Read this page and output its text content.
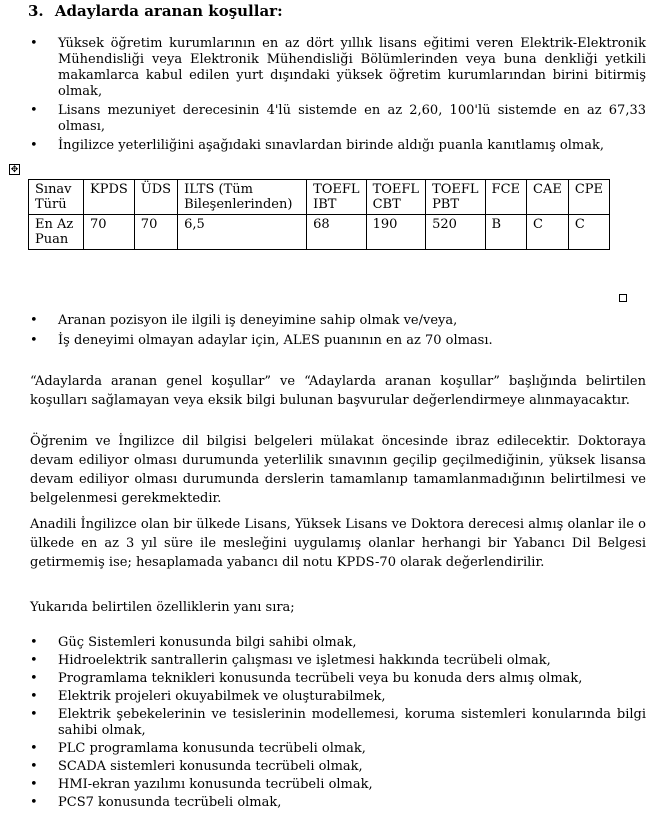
3. Adaylarda aranan koşullar:
• Yüksek öğretim kurumlarının en az dört yıllık lisans eğitimi veren Elektrik-Elektronik Mühendisliği veya Elektronik Mühendisliği Bölümlerinden veya buna denkliği yetkili makamlarca kabul edilen yurt dışındaki yüksek öğretim kurumlarından birini bitirmiş olmak,
• Lisans mezuniyet derecesinin 4'lü sistemde en az 2,60, 100'lü sistemde en az 67,33 olması,
• İngilizce yeterliliğini aşağıdaki sınavlardan birinde aldığı puanla kanıtlamış olmak,
✥
Sınav Türü	KPDS	ÜDS	ILTS (Tüm Bileşenlerinden)	TOEFL IBT	TOEFL CBT	TOEFL PBT	FCE	CAE	CPE
En Az Puan	70	70	6,5	68	190	520	B	C	C
• Aranan pozisyon ile ilgili iş deneyimine sahip olmak ve/veya,
• İş deneyimi olmayan adaylar için, ALES puanının en az 70 olması.

“Adaylarda aranan genel koşullar” ve “Adaylarda aranan koşullar” başlığında belirtilen koşulları sağlamayan veya eksik bilgi bulunan başvurular değerlendirmeye alınmayacaktır.

Öğrenim ve İngilizce dil bilgisi belgeleri mülakat öncesinde ibraz edilecektir. Doktoraya devam ediliyor olması durumunda yeterlilik sınavının geçilip geçilmediğinin, yüksek lisansa devam ediliyor olması durumunda derslerin tamamlanıp tamamlanmadığının belirtilmesi ve belgelenmesi gerekmektedir.

Anadili İngilizce olan bir ülkede Lisans, Yüksek Lisans ve Doktora derecesi almış olanlar ile o ülkede en az 3 yıl süre ile mesleğini uygulamış olanlar herhangi bir Yabancı Dil Belgesi getirmemiş ise; hesaplamada yabancı dil notu KPDS-70 olarak değerlendirilir.

Yukarıda belirtilen özelliklerin yanı sıra;

• Güç Sistemleri konusunda bilgi sahibi olmak,
• Hidroelektrik santrallerin çalışması ve işletmesi hakkında tecrübeli olmak,
• Programlama teknikleri konusunda tecrübeli veya bu konuda ders almış olmak,
• Elektrik projeleri okuyabilmek ve oluşturabilmek,
• Elektrik şebekelerinin ve tesislerinin modellemesi, koruma sistemleri konularında bilgi sahibi olmak,
• PLC programlama konusunda tecrübeli olmak,
• SCADA sistemleri konusunda tecrübeli olmak,
• HMI-ekran yazılımı konusunda tecrübeli olmak,
• PCS7 konusunda tecrübeli olmak,
